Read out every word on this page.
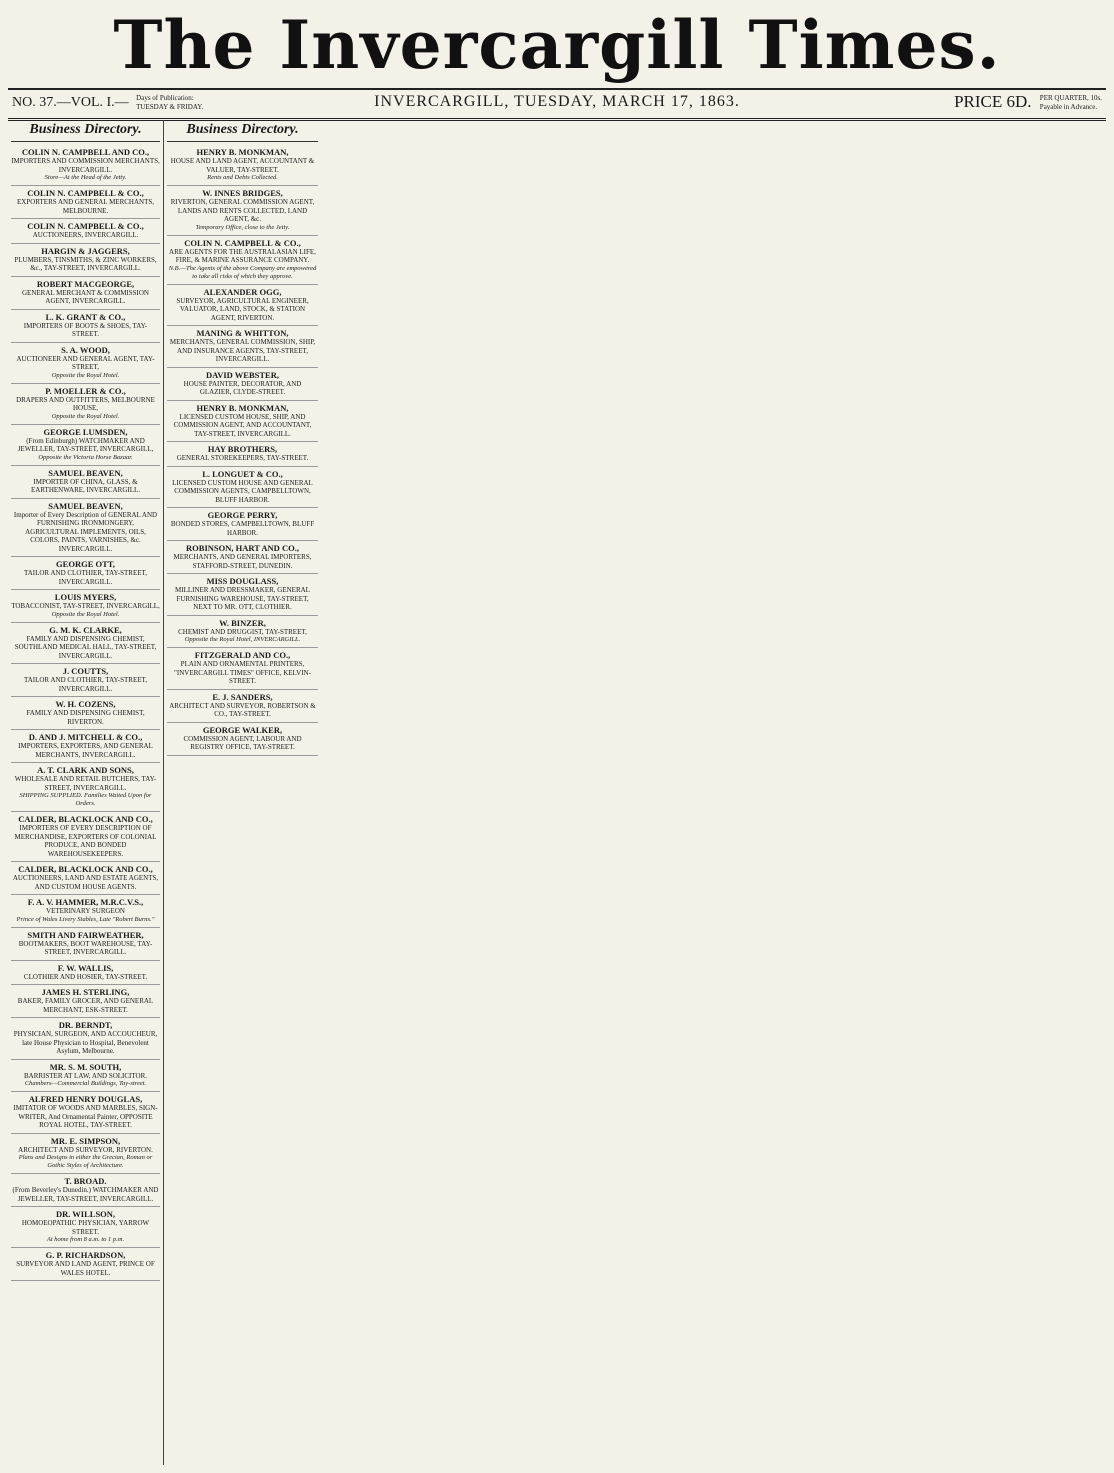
The Invercargill Times.
NO. 37.—VOL. I.— Days of Publication:
TUESDAY & FRIDAY.	INVERCARGILL, TUESDAY, MARCH 17, 1863.	PRICE 6D. PER QUARTER, 10s.
Payable in Advance.
Business Directory.
COLIN N. CAMPBELL AND CO.,
IMPORTERS AND COMMISSION MERCHANTS, INVERCARGILL.
Store—At the Head of the Jetty.
COLIN N. CAMPBELL & CO.,
EXPORTERS AND GENERAL MERCHANTS, MELBOURNE.
COLIN N. CAMPBELL & CO.,
AUCTIONEERS, INVERCARGILL.
HARGIN & JAGGERS,
PLUMBERS, TINSMITHS, & ZINC WORKERS, &c., TAY-STREET, INVERCARGILL.
ROBERT MACGEORGE,
GENERAL MERCHANT & COMMISSION AGENT, INVERCARGILL.
L. K. GRANT & CO.,
IMPORTERS OF BOOTS & SHOES, TAY-STREET.
S. A. WOOD,
AUCTIONEER AND GENERAL AGENT, TAY-STREET,
Opposite the Royal Hotel.
P. MOELLER & CO.,
DRAPERS AND OUTFITTERS, MELBOURNE HOUSE,
Opposite the Royal Hotel.
GEORGE LUMSDEN,
(From Edinburgh) WATCHMAKER AND JEWELLER, TAY-STREET, INVERCARGILL,
Opposite the Victoria Horse Bazaar.
SAMUEL BEAVEN,
IMPORTER OF CHINA, GLASS, & EARTHENWARE, INVERCARGILL.
SAMUEL BEAVEN,
Importer of Every Description of GENERAL AND FURNISHING IRONMONGERY, AGRICULTURAL IMPLEMENTS, OILS, COLORS, PAINTS, VARNISHES, &c. INVERCARGILL.
GEORGE OTT,
TAILOR AND CLOTHIER, TAY-STREET, INVERCARGILL.
LOUIS MYERS,
TOBACCONIST, TAY-STREET, INVERCARGILL,
Opposite the Royal Hotel.
G. M. K. CLARKE,
FAMILY AND DISPENSING CHEMIST, SOUTHLAND MEDICAL HALL, TAY-STREET, INVERCARGILL.
J. COUTTS,
TAILOR AND CLOTHIER, TAY-STREET, INVERCARGILL.
W. H. COZENS,
FAMILY AND DISPENSING CHEMIST, RIVERTON.
D. AND J. MITCHELL & CO.,
IMPORTERS, EXPORTERS, AND GENERAL MERCHANTS, INVERCARGILL.
A. T. CLARK AND SONS,
WHOLESALE AND RETAIL BUTCHERS, TAY-STREET, INVERCARGILL.
SHIPPING SUPPLIED. Families Waited Upon for Orders.
CALDER, BLACKLOCK AND CO.,
IMPORTERS OF EVERY DESCRIPTION OF MERCHANDISE, EXPORTERS OF COLONIAL PRODUCE, AND BONDED WAREHOUSEKEEPERS.
CALDER, BLACKLOCK AND CO.,
AUCTIONEERS, LAND AND ESTATE AGENTS, AND CUSTOM HOUSE AGENTS.
F. A. V. HAMMER, M.R.C.V.S.,
VETERINARY SURGEON
Prince of Wales Livery Stables, Late "Robert Burns."
SMITH AND FAIRWEATHER,
BOOTMAKERS, BOOT WAREHOUSE, TAY-STREET, INVERCARGILL.
F. W. WALLIS,
CLOTHIER AND HOSIER, TAY-STREET.
JAMES H. STERLING,
BAKER, FAMILY GROCER, AND GENERAL MERCHANT, ESK-STREET.
DR. BERNDT,
PHYSICIAN, SURGEON, AND ACCOUCHEUR, late House Physician to Hospital, Benevolent Asylum, Melbourne.
MR. S. M. SOUTH,
BARRISTER AT LAW, AND SOLICITOR.
Chambers—Commercial Buildings, Tay-street.
ALFRED HENRY DOUGLAS,
IMITATOR OF WOODS AND MARBLES, SIGN-WRITER, And Ornamental Painter, OPPOSITE ROYAL HOTEL, TAY-STREET.
MR. E. SIMPSON,
ARCHITECT AND SURVEYOR, RIVERTON.
Plans and Designs in either the Grecian, Roman or Gothic Styles of Architecture.
T. BROAD.
(From Beverley's Dunedin.) WATCHMAKER AND JEWELLER, TAY-STREET, INVERCARGILL.
DR. WILLSON,
HOMOEOPATHIC PHYSICIAN, YARROW STREET.
At home from 8 a.m. to 1 p.m.
G. P. RICHARDSON,
SURVEYOR AND LAND AGENT, PRINCE OF WALES HOTEL.
Business Directory.
HENRY B. MONKMAN,
HOUSE AND LAND AGENT, ACCOUNTANT & VALUER, TAY-STREET.
Rents and Debts Collected.
W. INNES BRIDGES,
RIVERTON, GENERAL COMMISSION AGENT, LANDS AND RENTS COLLECTED, LAND AGENT, &c.
Temporary Office, close to the Jetty.
COLIN N. CAMPBELL & CO.,
ARE AGENTS FOR THE AUSTRALASIAN LIFE, FIRE, & MARINE ASSURANCE COMPANY.
N.B.—The Agents of the above Company are empowered to take all risks of which they approve.
ALEXANDER OGG,
SURVEYOR, AGRICULTURAL ENGINEER, VALUATOR, LAND, STOCK, & STATION AGENT, RIVERTON.
MANING & WHITTON,
MERCHANTS, GENERAL COMMISSION, SHIP, AND INSURANCE AGENTS, TAY-STREET, INVERCARGILL.
DAVID WEBSTER,
HOUSE PAINTER, DECORATOR, AND GLAZIER, CLYDE-STREET.
HENRY B. MONKMAN,
LICENSED CUSTOM HOUSE, SHIP, AND COMMISSION AGENT, AND ACCOUNTANT, TAY-STREET, INVERCARGILL.
HAY BROTHERS,
GENERAL STOREKEEPERS, TAY-STREET.
L. LONGUET & CO.,
LICENSED CUSTOM HOUSE AND GENERAL COMMISSION AGENTS, CAMPBELLTOWN, BLUFF HARBOR.
GEORGE PERRY,
BONDED STORES, CAMPBELLTOWN, BLUFF HARBOR.
ROBINSON, HART AND CO.,
MERCHANTS, AND GENERAL IMPORTERS, STAFFORD-STREET, DUNEDIN.
MISS DOUGLASS,
MILLINER AND DRESSMAKER, GENERAL FURNISHING WAREHOUSE, TAY-STREET, NEXT TO MR. OTT, CLOTHIER.
W. BINZER,
CHEMIST AND DRUGGIST, TAY-STREET,
Opposite the Royal Hotel, INVERCARGILL.
FITZGERALD AND CO.,
PLAIN AND ORNAMENTAL PRINTERS, "INVERCARGILL TIMES" OFFICE, KELVIN-STREET.
E. J. SANDERS,
ARCHITECT AND SURVEYOR, ROBERTSON & CO., TAY-STREET.
GEORGE WALKER,
COMMISSION AGENT, LABOUR AND REGISTRY OFFICE, TAY-STREET.
